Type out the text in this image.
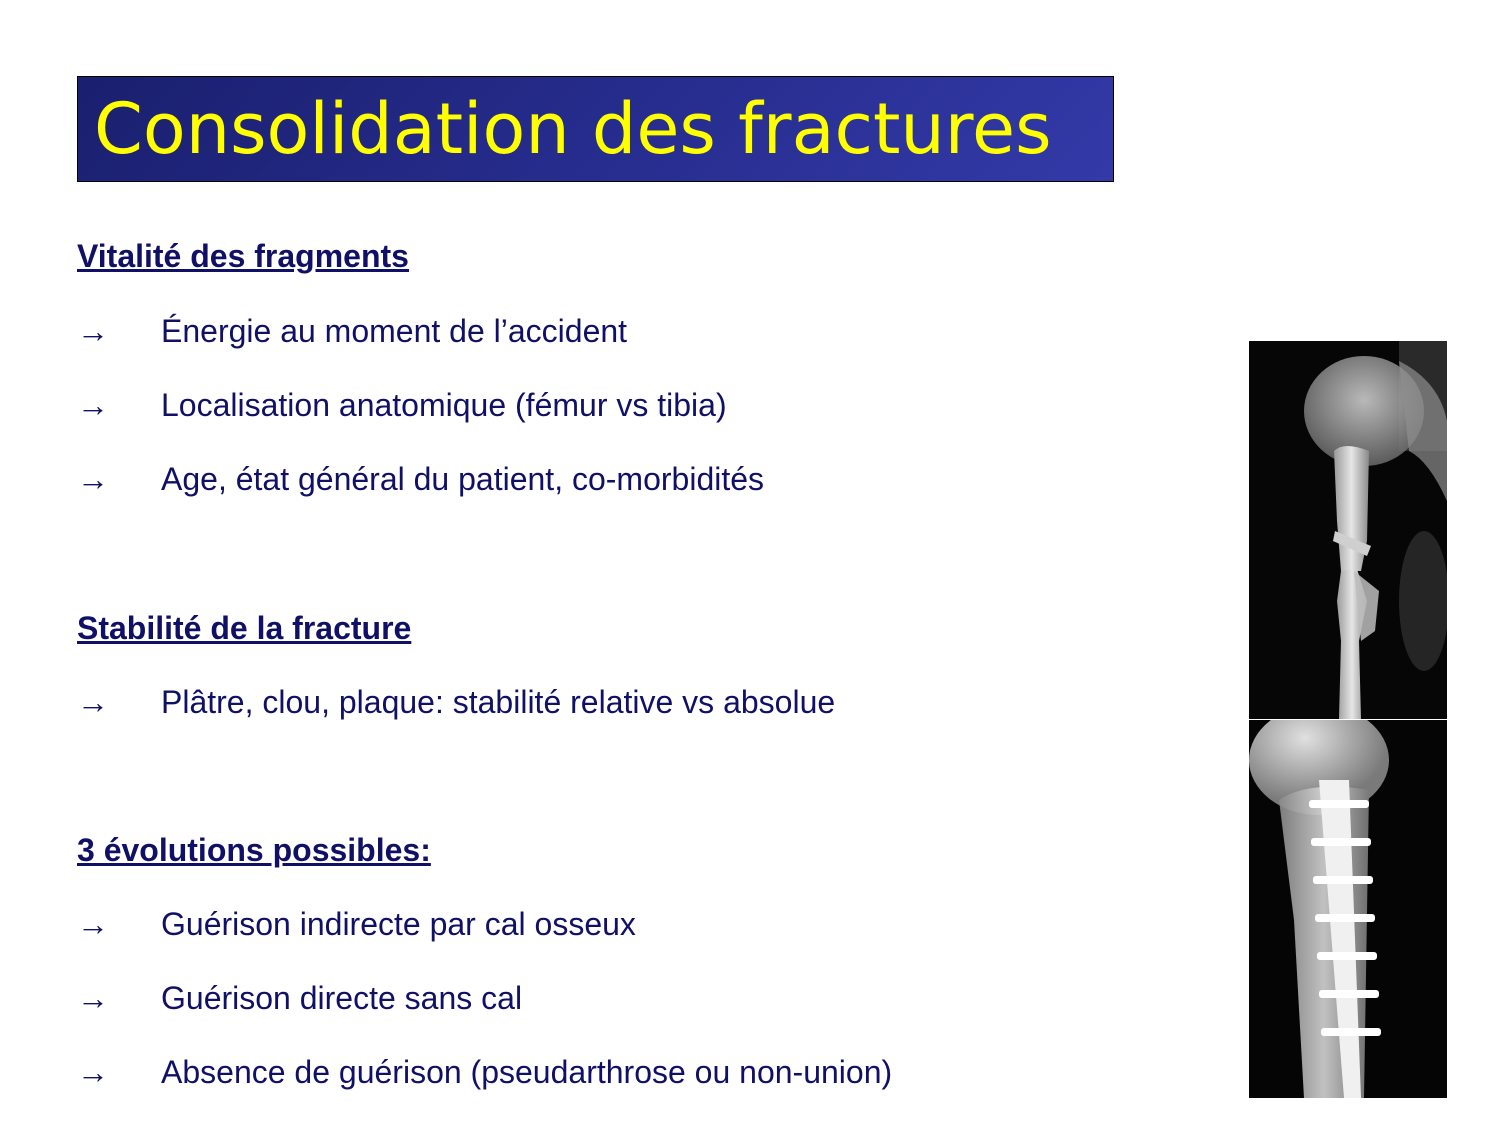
Consolidation des fractures
Vitalité des fragments
→ Énergie au moment de l’accident
→ Localisation anatomique (fémur vs tibia)
→ Age, état général du patient, co-morbidités
Stabilité de la fracture
→ Plâtre, clou, plaque: stabilité relative vs absolue
3 évolutions possibles:
→ Guérison indirecte par cal osseux
→ Guérison directe sans cal
→ Absence de guérison (pseudarthrose ou non-union)
